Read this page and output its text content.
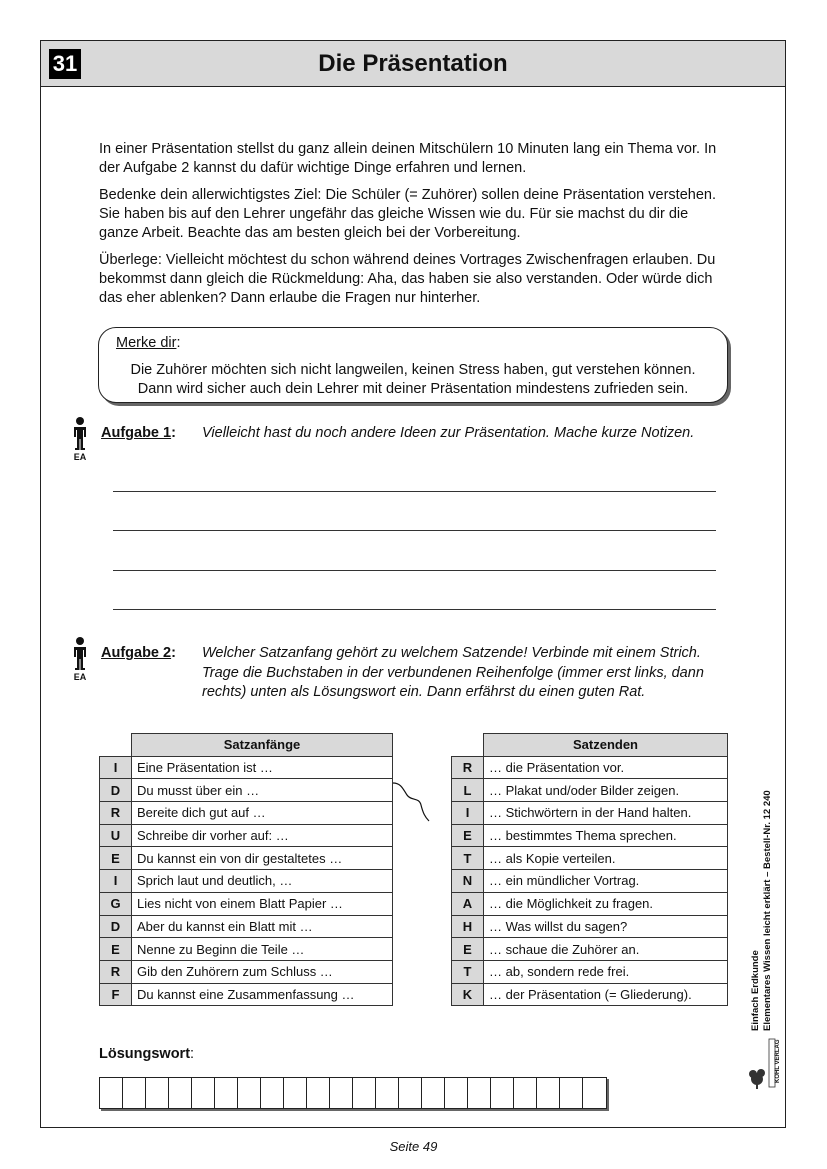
Die Präsentation
31
In einer Präsentation stellst du ganz allein deinen Mitschülern 10 Minuten lang ein Thema vor. In der Aufgabe 2 kannst du dafür wichtige Dinge erfahren und lernen.
Bedenke dein allerwichtigstes Ziel: Die Schüler (= Zuhörer) sollen deine Präsentation verstehen. Sie haben bis auf den Lehrer ungefähr das gleiche Wissen wie du. Für sie machst du dir die ganze Arbeit. Beachte das am besten gleich bei der Vorbereitung.
Überlege: Vielleicht möchtest du schon während deines Vortrages Zwischenfragen erlauben. Du bekommst dann gleich die Rückmeldung: Aha, das haben sie also verstanden. Oder würde dich das eher ablenken? Dann erlaube die Fragen nur hinterher.
Merke dir:
Die Zuhörer möchten sich nicht langweilen, keinen Stress haben, gut verstehen können.
Dann wird sicher auch dein Lehrer mit deiner Präsentation mindestens zufrieden sein.
EA
Aufgabe 1: Vielleicht hast du noch andere Ideen zur Präsentation. Mache kurze Notizen.
EA
Aufgabe 2: Welcher Satzanfang gehört zu welchem Satzende! Verbinde mit einem Strich. Trage die Buchstaben in der verbundenen Reihenfolge (immer erst links, dann rechts) unten als Lösungswort ein. Dann erfährst du einen guten Rat.
	Satzanfänge
I	Eine Präsentation ist …
D	Du musst über ein …
R	Bereite dich gut auf …
U	Schreibe dir vorher auf: …
E	Du kannst ein von dir gestaltetes …
I	Sprich laut und deutlich, …
G	Lies nicht von einem Blatt Papier …
D	Aber du kannst ein Blatt mit …
E	Nenne zu Beginn die Teile …
R	Gib den Zuhörern zum Schluss …
F	Du kannst eine Zusammenfassung …
	Satzenden
R	… die Präsentation vor.
L	… Plakat und/oder Bilder zeigen.
I	… Stichwörtern in der Hand halten.
E	… bestimmtes Thema sprechen.
T	… als Kopie verteilen.
N	… ein mündlicher Vortrag.
A	… die Möglichkeit zu fragen.
H	… Was willst du sagen?
E	… schaue die Zuhörer an.
T	… ab, sondern rede frei.
K	… der Präsentation (= Gliederung).
Lösungswort:
Einfach Erdkunde Elementares Wissen leicht erklärt – Bestell-Nr. 12 240
KOHL VERLAG
Seite 49
